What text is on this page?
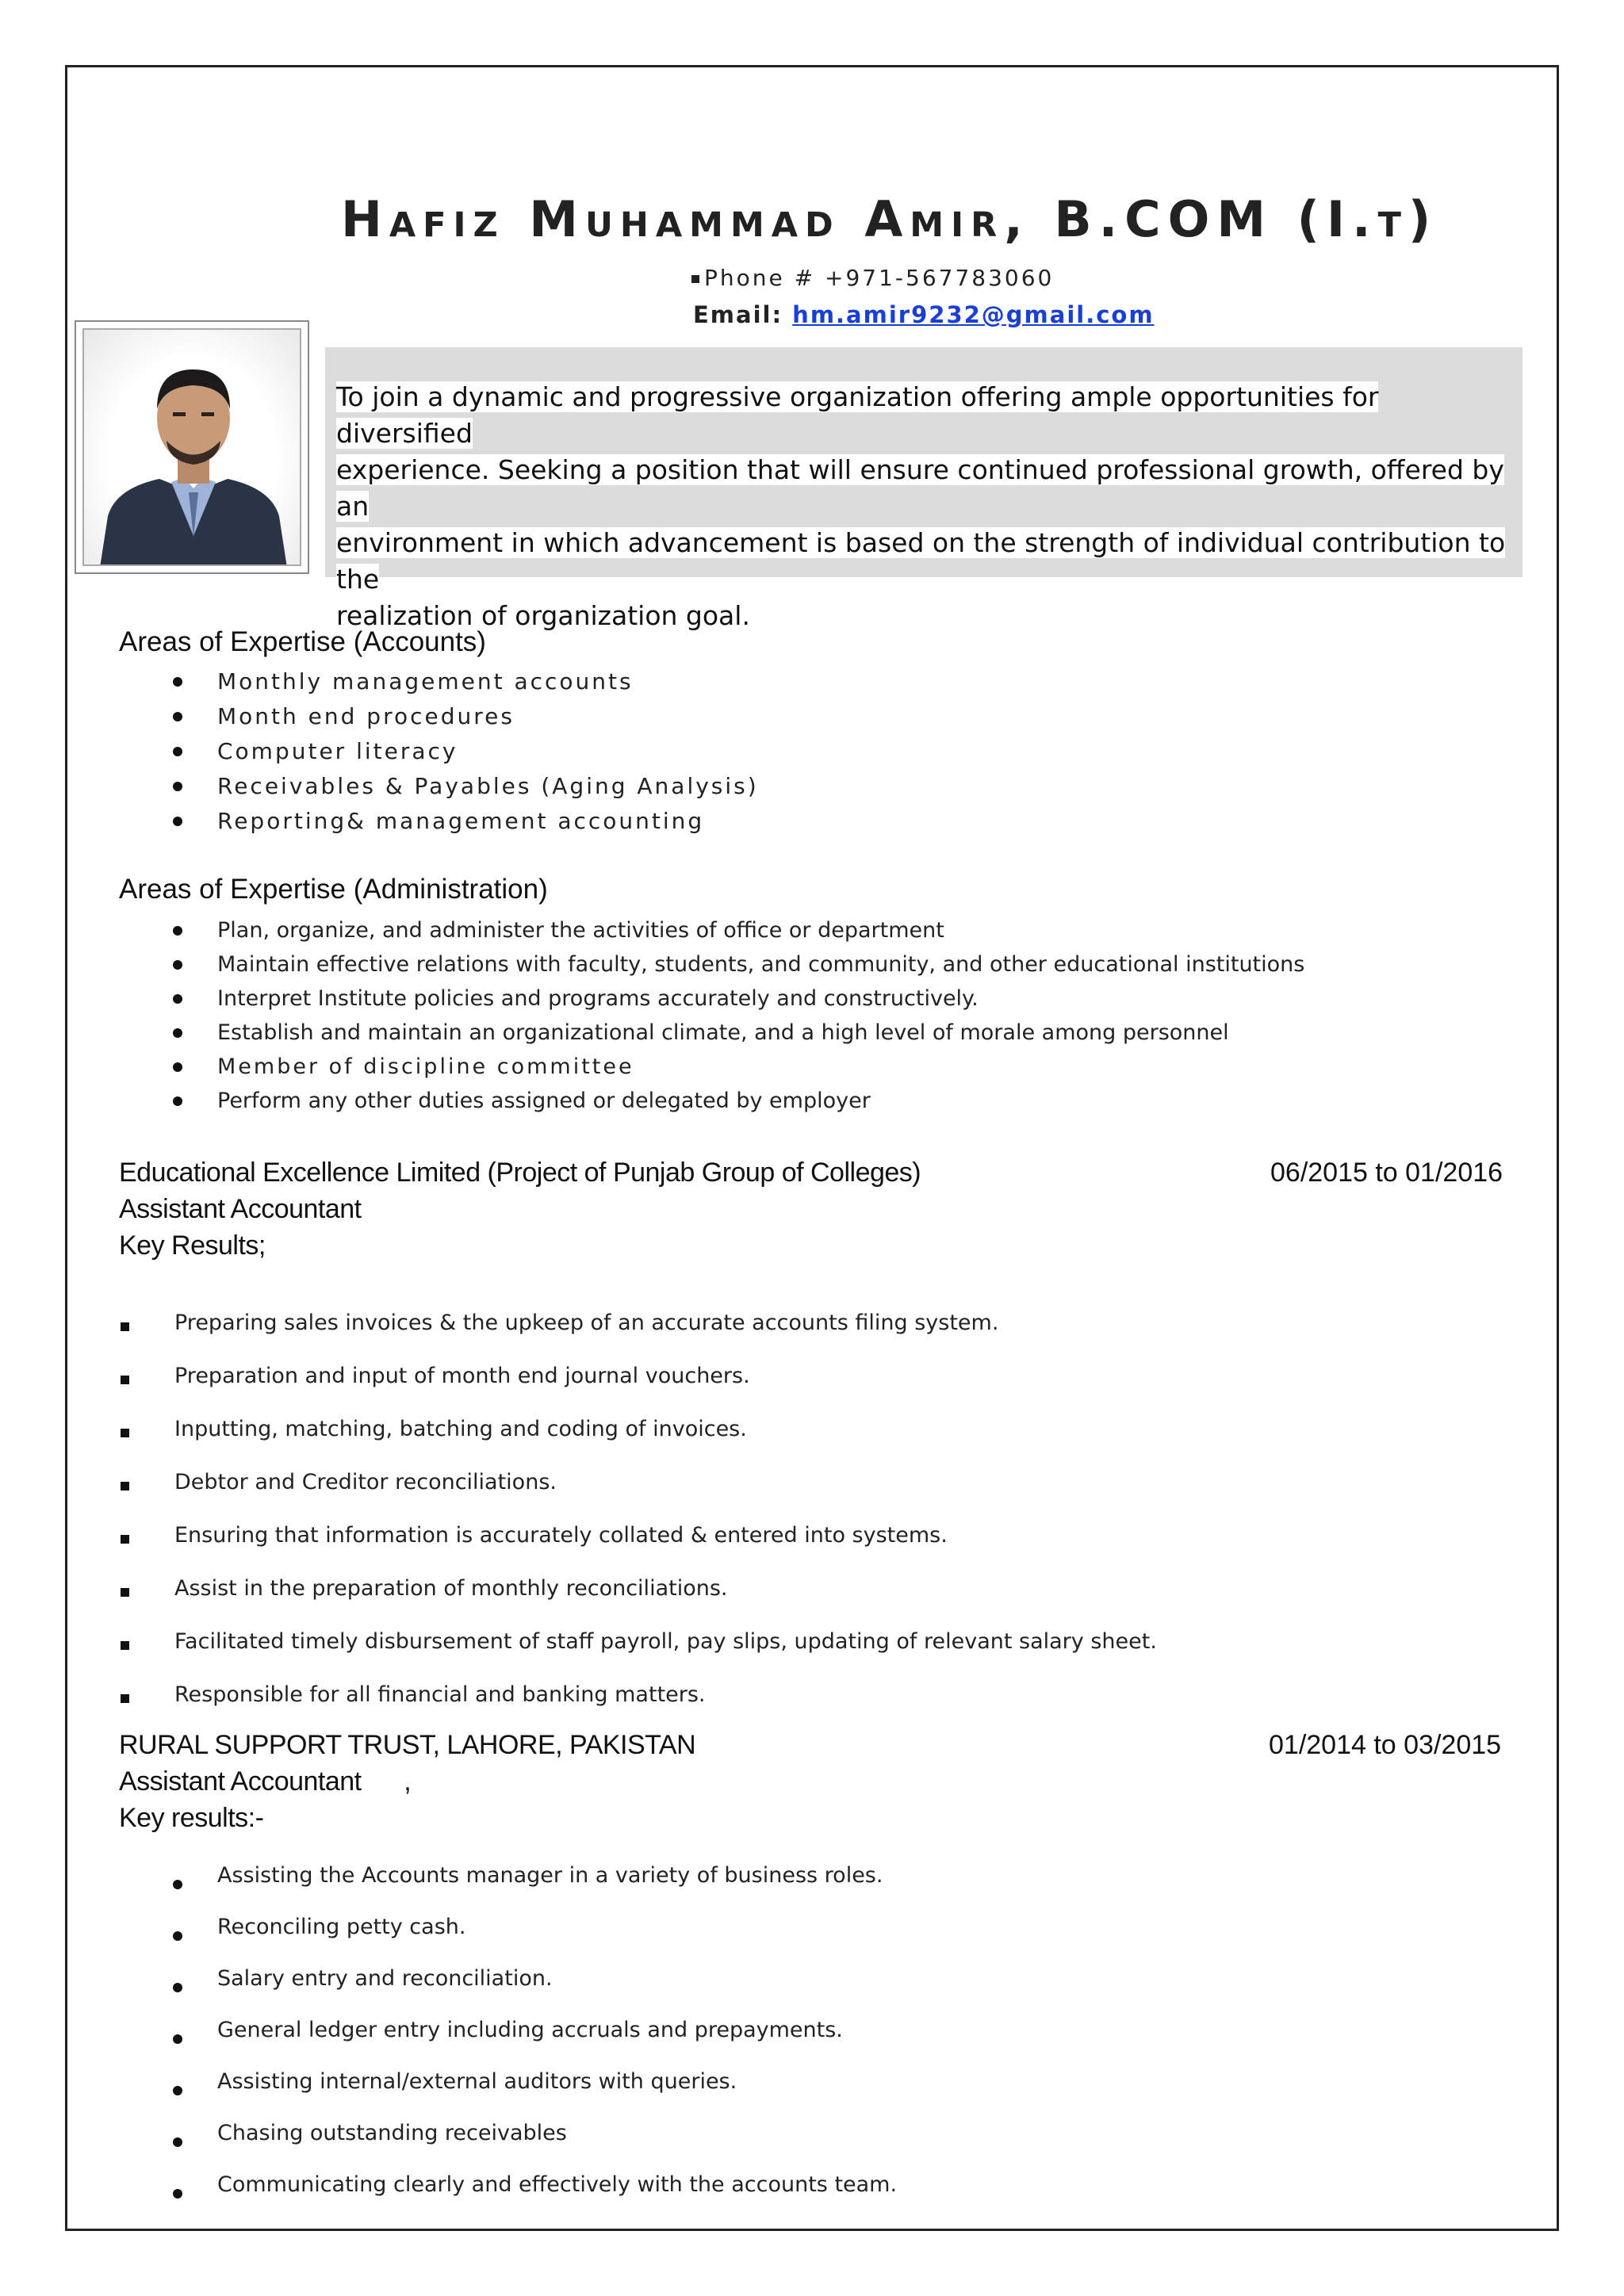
Hafiz Muhammad Amir, B.COM (I.t)
Phone # +971-567783060
Email: hm.amir9232@gmail.com
To join a dynamic and progressive organization offering ample opportunities for diversified
experience. Seeking a position that will ensure continued professional growth, offered by an
environment in which advancement is based on the strength of individual contribution to the
realization of organization goal.
Areas of Expertise (Accounts)
Monthly management accounts
Month end procedures
Computer literacy
Receivables & Payables (Aging Analysis)
Reporting& management accounting
Areas of Expertise (Administration)
Plan, organize, and administer the activities of office or department
Maintain effective relations with faculty, students, and community, and other educational institutions
Interpret Institute policies and programs accurately and constructively.
Establish and maintain an organizational climate, and a high level of morale among personnel
Member of discipline committee
Perform any other duties assigned or delegated by employer
Educational Excellence Limited (Project of Punjab Group of Colleges)	06/2015 to 01/2016
Assistant Accountant
Key Results;
Preparing sales invoices & the upkeep of an accurate accounts filing system.
Preparation and input of month end journal vouchers.
Inputting, matching, batching and coding of invoices.
Debtor and Creditor reconciliations.
Ensuring that information is accurately collated & entered into systems.
Assist in the preparation of monthly reconciliations.
Facilitated timely disbursement of staff payroll, pay slips, updating of relevant salary sheet.
Responsible for all financial and banking matters.
RURAL SUPPORT TRUST, LAHORE, PAKISTAN	01/2014 to 03/2015
Assistant Accountant      ,
Key results:-
Assisting the Accounts manager in a variety of business roles.
Reconciling petty cash.
Salary entry and reconciliation.
General ledger entry including accruals and prepayments.
Assisting internal/external auditors with queries.
Chasing outstanding receivables
Communicating clearly and effectively with the accounts team.
